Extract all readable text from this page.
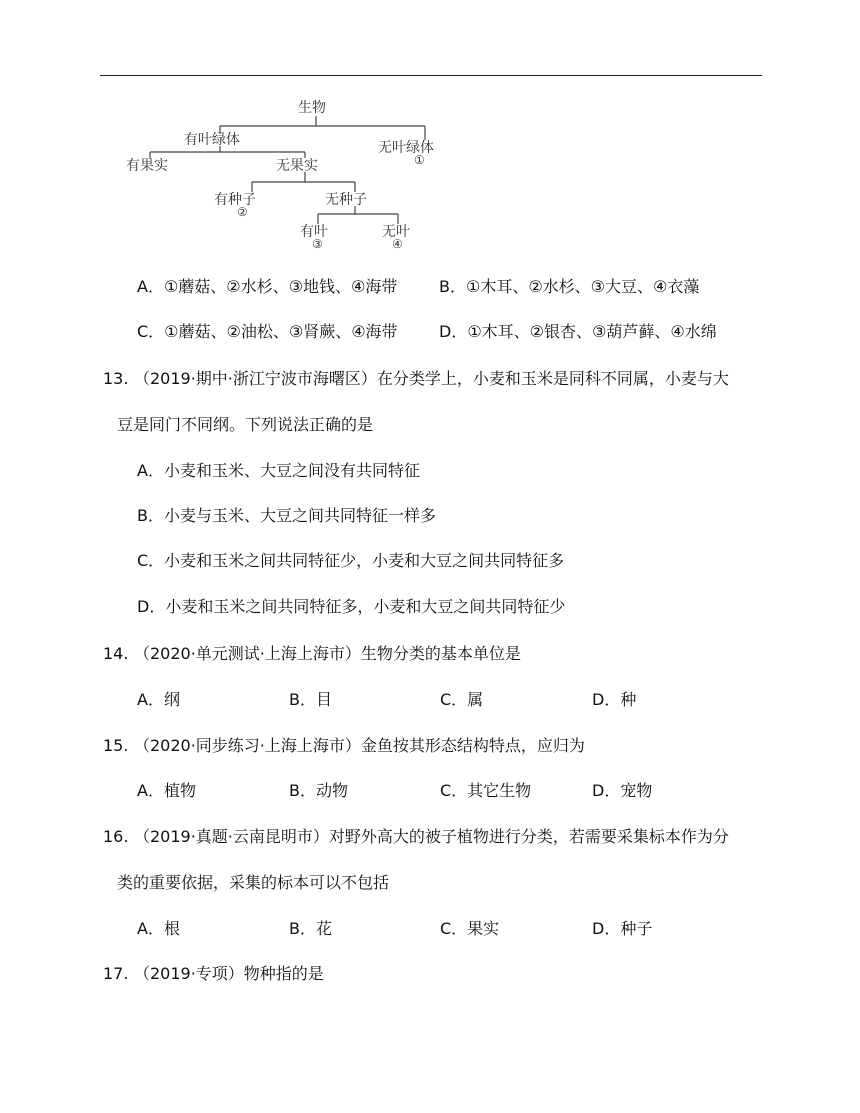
生物
有叶绿体	无叶绿体
①
有果实	无果实
有种子
②
无种子
有叶
③
无叶
④
A．①蘑菇、②水杉、③地钱、④海带	B．①木耳、②水杉、③大豆、④衣藻
C．①蘑菇、②油松、③肾蕨、④海带	D．①木耳、②银杏、③葫芦藓、④水绵
13. （2019·期中·浙江宁波市海曙区）在分类学上，小麦和玉米是同科不同属，小麦与大
豆是同门不同纲。下列说法正确的是
A．小麦和玉米、大豆之间没有共同特征
B．小麦与玉米、大豆之间共同特征一样多
C．小麦和玉米之间共同特征少，小麦和大豆之间共同特征多
D．小麦和玉米之间共同特征多，小麦和大豆之间共同特征少
14. （2020·单元测试·上海上海市）生物分类的基本单位是
A．纲	B．目	C．属	D．种
15. （2020·同步练习·上海上海市）金鱼按其形态结构特点，应归为
A．植物	B．动物	C．其它生物	D．宠物
16. （2019·真题·云南昆明市）对野外高大的被子植物进行分类，若需要采集标本作为分
类的重要依据，采集的标本可以不包括
A．根	B．花	C．果实	D．种子
17. （2019·专项）物种指的是
